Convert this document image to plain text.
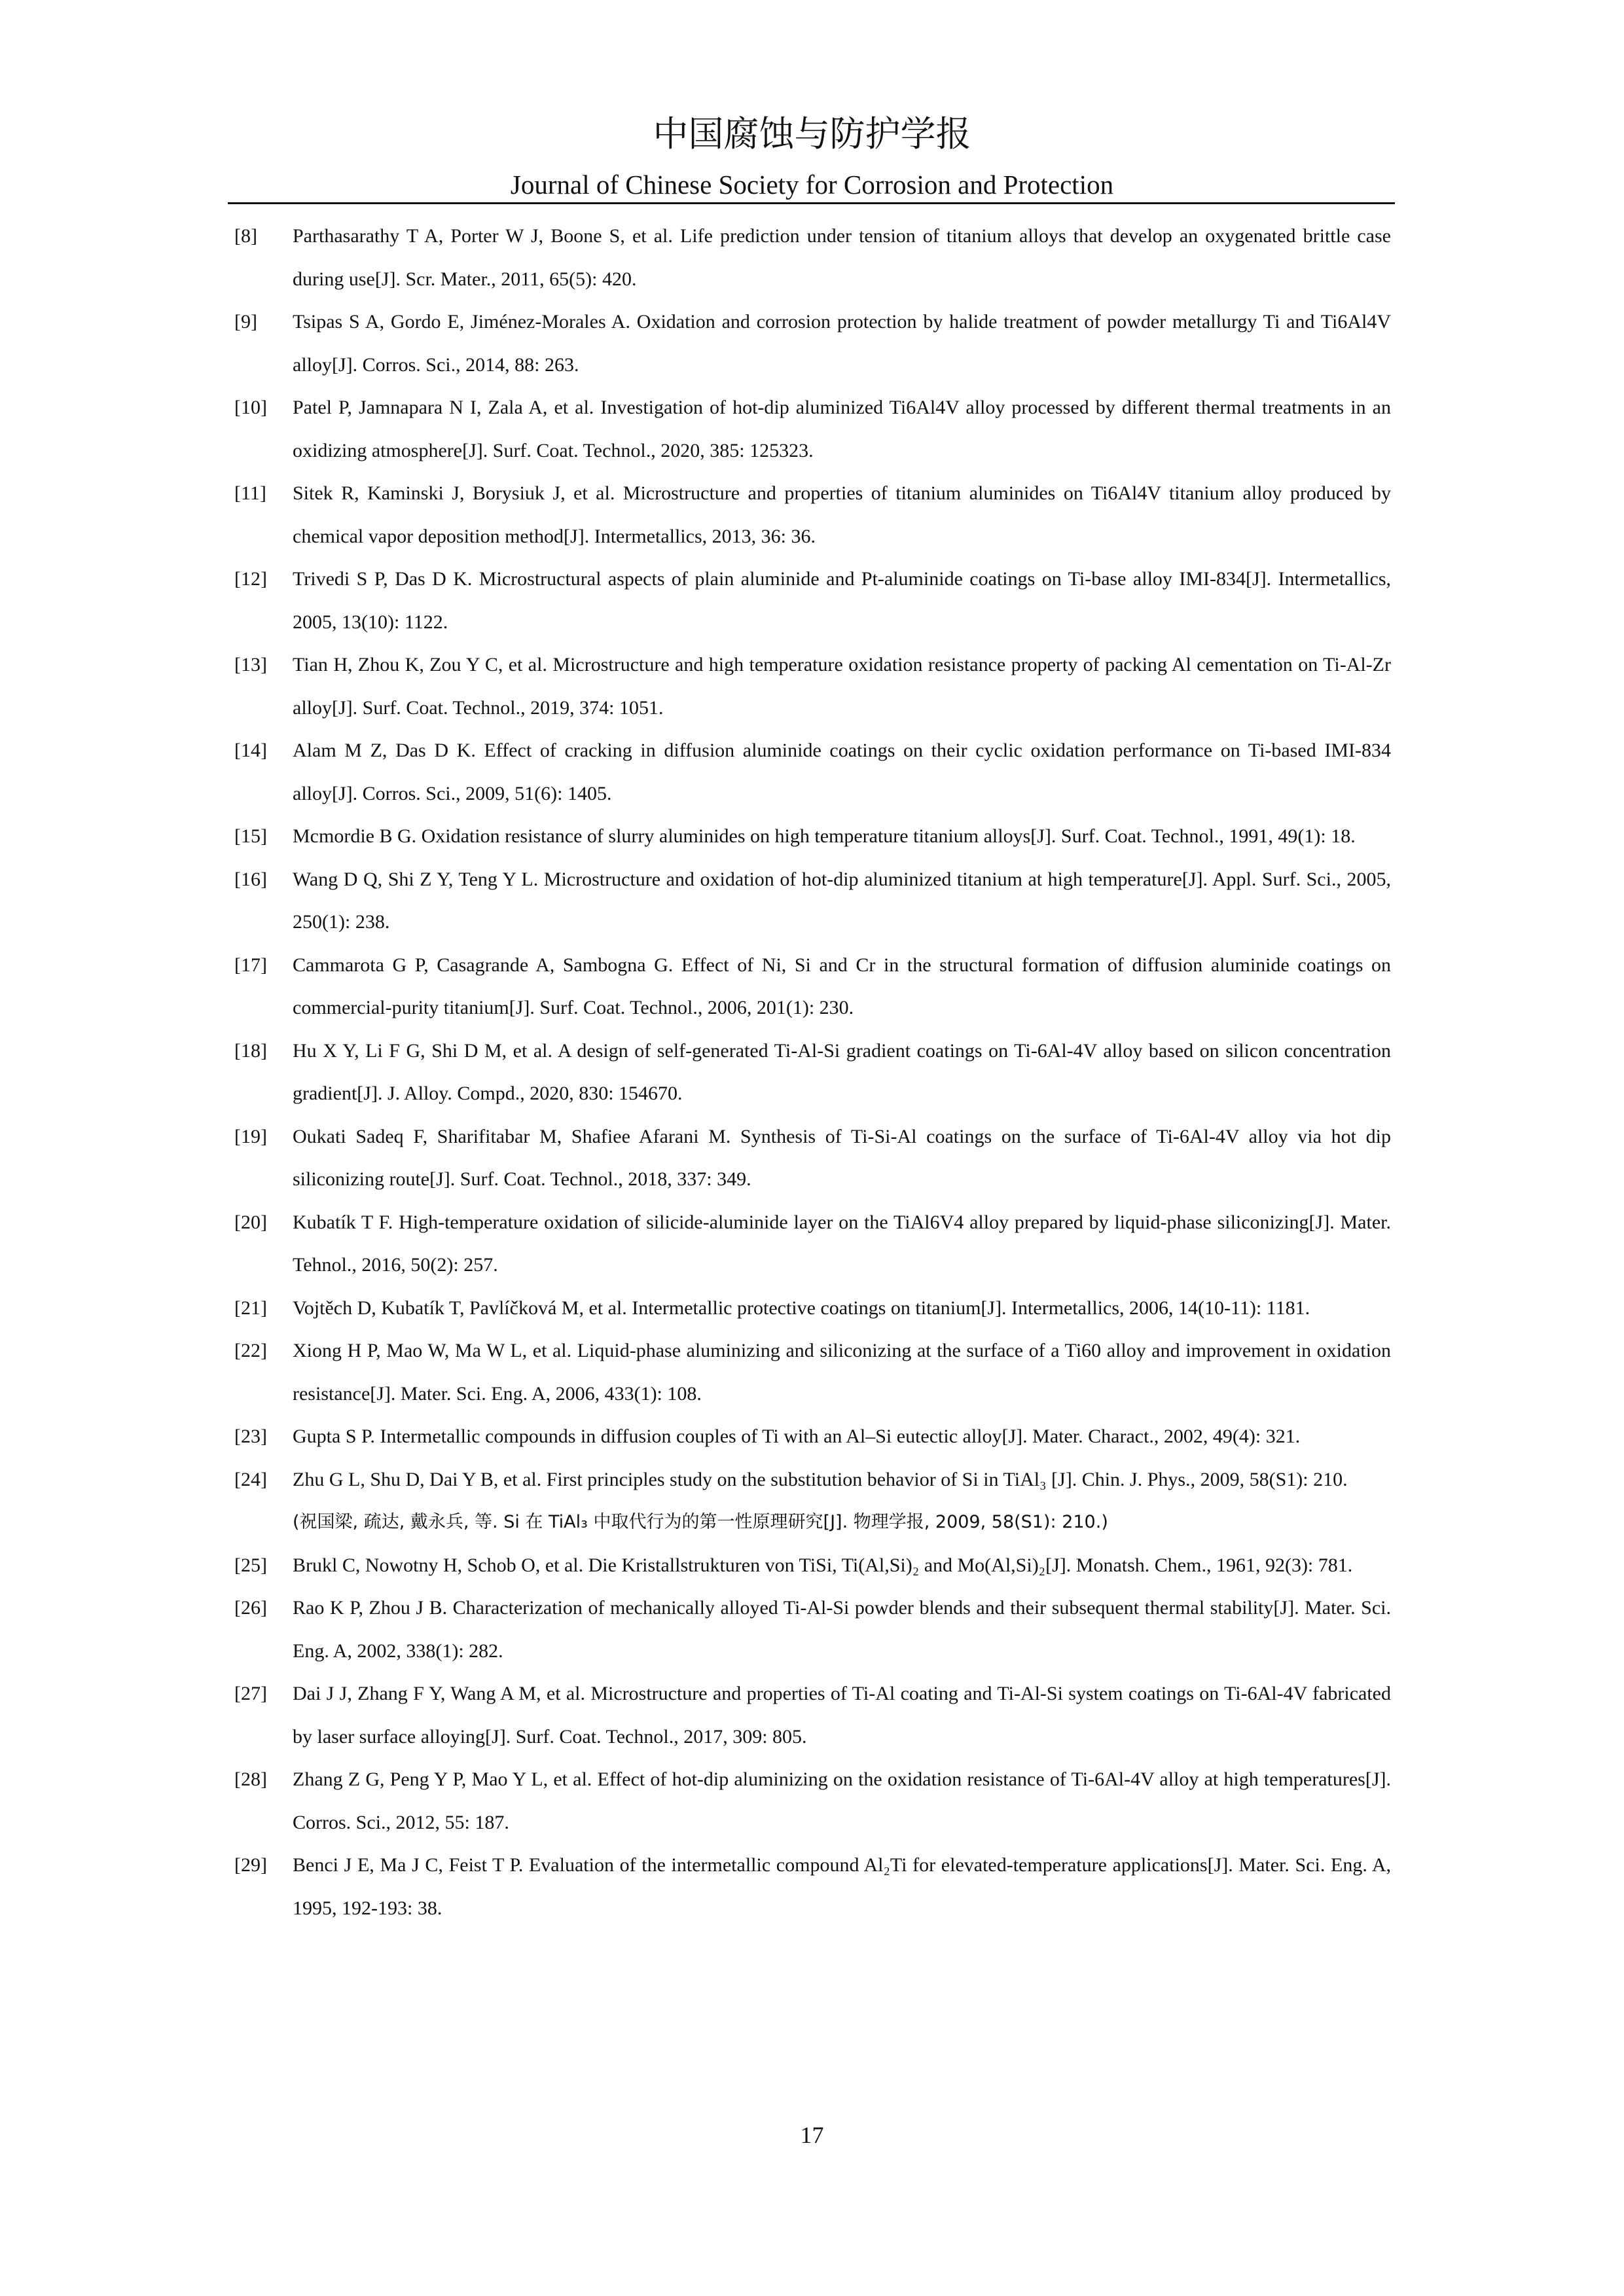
中国腐蚀与防护学报
Journal of Chinese Society for Corrosion and Protection
[8] Parthasarathy T A, Porter W J, Boone S, et al. Life prediction under tension of titanium alloys that develop an oxygenated brittle case during use[J]. Scr. Mater., 2011, 65(5): 420.
[9] Tsipas S A, Gordo E, Jiménez-Morales A. Oxidation and corrosion protection by halide treatment of powder metallurgy Ti and Ti6Al4V alloy[J]. Corros. Sci., 2014, 88: 263.
[10] Patel P, Jamnapara N I, Zala A, et al. Investigation of hot-dip aluminized Ti6Al4V alloy processed by different thermal treatments in an oxidizing atmosphere[J]. Surf. Coat. Technol., 2020, 385: 125323.
[11] Sitek R, Kaminski J, Borysiuk J, et al. Microstructure and properties of titanium aluminides on Ti6Al4V titanium alloy produced by chemical vapor deposition method[J]. Intermetallics, 2013, 36: 36.
[12] Trivedi S P, Das D K. Microstructural aspects of plain aluminide and Pt-aluminide coatings on Ti-base alloy IMI-834[J]. Intermetallics, 2005, 13(10): 1122.
[13] Tian H, Zhou K, Zou Y C, et al. Microstructure and high temperature oxidation resistance property of packing Al cementation on Ti-Al-Zr alloy[J]. Surf. Coat. Technol., 2019, 374: 1051.
[14] Alam M Z, Das D K. Effect of cracking in diffusion aluminide coatings on their cyclic oxidation performance on Ti-based IMI-834 alloy[J]. Corros. Sci., 2009, 51(6): 1405.
[15] Mcmordie B G. Oxidation resistance of slurry aluminides on high temperature titanium alloys[J]. Surf. Coat. Technol., 1991, 49(1): 18.
[16] Wang D Q, Shi Z Y, Teng Y L. Microstructure and oxidation of hot-dip aluminized titanium at high temperature[J]. Appl. Surf. Sci., 2005, 250(1): 238.
[17] Cammarota G P, Casagrande A, Sambogna G. Effect of Ni, Si and Cr in the structural formation of diffusion aluminide coatings on commercial-purity titanium[J]. Surf. Coat. Technol., 2006, 201(1): 230.
[18] Hu X Y, Li F G, Shi D M, et al. A design of self-generated Ti-Al-Si gradient coatings on Ti-6Al-4V alloy based on silicon concentration gradient[J]. J. Alloy. Compd., 2020, 830: 154670.
[19] Oukati Sadeq F, Sharifitabar M, Shafiee Afarani M. Synthesis of Ti-Si-Al coatings on the surface of Ti-6Al-4V alloy via hot dip siliconizing route[J]. Surf. Coat. Technol., 2018, 337: 349.
[20] Kubatík T F. High-temperature oxidation of silicide-aluminide layer on the TiAl6V4 alloy prepared by liquid-phase siliconizing[J]. Mater. Tehnol., 2016, 50(2): 257.
[21] Vojtěch D, Kubatík T, Pavlíčková M, et al. Intermetallic protective coatings on titanium[J]. Intermetallics, 2006, 14(10-11): 1181.
[22] Xiong H P, Mao W, Ma W L, et al. Liquid-phase aluminizing and siliconizing at the surface of a Ti60 alloy and improvement in oxidation resistance[J]. Mater. Sci. Eng. A, 2006, 433(1): 108.
[23] Gupta S P. Intermetallic compounds in diffusion couples of Ti with an Al–Si eutectic alloy[J]. Mater. Charact., 2002, 49(4): 321.
[24] Zhu G L, Shu D, Dai Y B, et al. First principles study on the substitution behavior of Si in TiAl₃ [J]. Chin. J. Phys., 2009, 58(S1): 210.
(祝国梁, 疏达, 戴永兵, 等. Si 在 TiAl₃ 中取代行为的第一性原理研究[J]. 物理学报, 2009, 58(S1): 210.)
[25] Brukl C, Nowotny H, Schob O, et al. Die Kristallstrukturen von TiSi, Ti(Al,Si)₂ and Mo(Al,Si)₂[J]. Monatsh. Chem., 1961, 92(3): 781.
[26] Rao K P, Zhou J B. Characterization of mechanically alloyed Ti-Al-Si powder blends and their subsequent thermal stability[J]. Mater. Sci. Eng. A, 2002, 338(1): 282.
[27] Dai J J, Zhang F Y, Wang A M, et al. Microstructure and properties of Ti-Al coating and Ti-Al-Si system coatings on Ti-6Al-4V fabricated by laser surface alloying[J]. Surf. Coat. Technol., 2017, 309: 805.
[28] Zhang Z G, Peng Y P, Mao Y L, et al. Effect of hot-dip aluminizing on the oxidation resistance of Ti-6Al-4V alloy at high temperatures[J]. Corros. Sci., 2012, 55: 187.
[29] Benci J E, Ma J C, Feist T P. Evaluation of the intermetallic compound Al₂Ti for elevated-temperature applications[J]. Mater. Sci. Eng. A, 1995, 192-193: 38.
17
